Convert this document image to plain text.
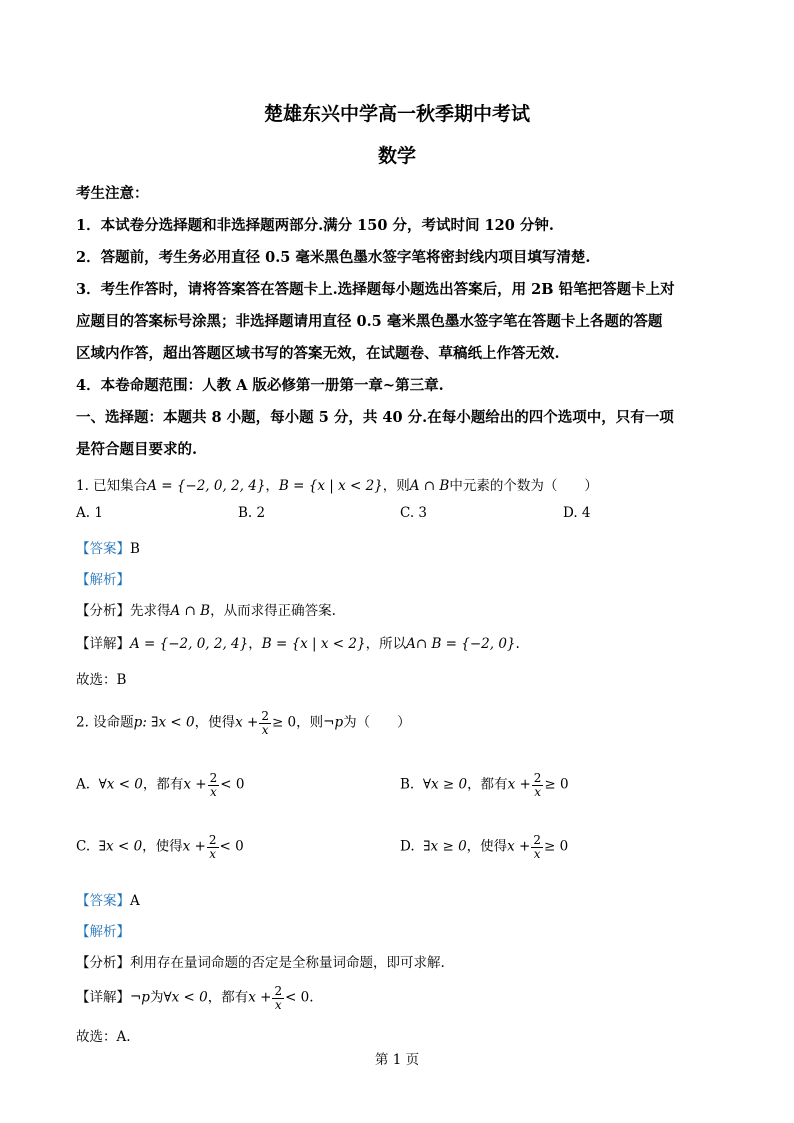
楚雄东兴中学高一秋季期中考试
数学
考生注意：
1．本试卷分选择题和非选择题两部分.满分 150 分，考试时间 120 分钟.
2．答题前，考生务必用直径 0.5 毫米黑色墨水签字笔将密封线内项目填写清楚.
3．考生作答时，请将答案答在答题卡上.选择题每小题选出答案后，用 2B 铅笔把答题卡上对
应题目的答案标号涂黑；非选择题请用直径 0.5 毫米黑色墨水签字笔在答题卡上各题的答题
区域内作答，超出答题区域书写的答案无效，在试题卷、草稿纸上作答无效.
4．本卷命题范围：人教 A 版必修第一册第一章~第三章.
一、选择题：本题共 8 小题，每小题 5 分，共 40 分.在每小题给出的四个选项中，只有一项
是符合题目要求的.
1. 已知集合A = {−2, 0, 2, 4}，B = {x | x < 2}，则A ∩ B中元素的个数为（　　）
A. 1	B. 2	C. 3	D. 4
【答案】B
【解析】
【分析】先求得A ∩ B，从而求得正确答案.
【详解】A = {−2, 0, 2, 4}，B = {x | x < 2}，所以A∩ B = {−2, 0}.
故选：B
2. 设命题p: ∃x < 0，使得$x + \frac{2}{x} \ge 0$，则¬p为（　　）
A. ∀x < 0，都有$x + \frac{2}{x} < 0$	B. ∀x ≥ 0，都有$x + \frac{2}{x} \ge 0$
C. ∃x < 0，使得$x + \frac{2}{x} < 0$	D. ∃x ≥ 0，使得$x + \frac{2}{x} \ge 0$
【答案】A
【解析】
【分析】利用存在量词命题的否定是全称量词命题，即可求解.
【详解】¬p为∀x < 0，都有$x + \frac{2}{x} < 0$.
故选：A.
第 1 页
